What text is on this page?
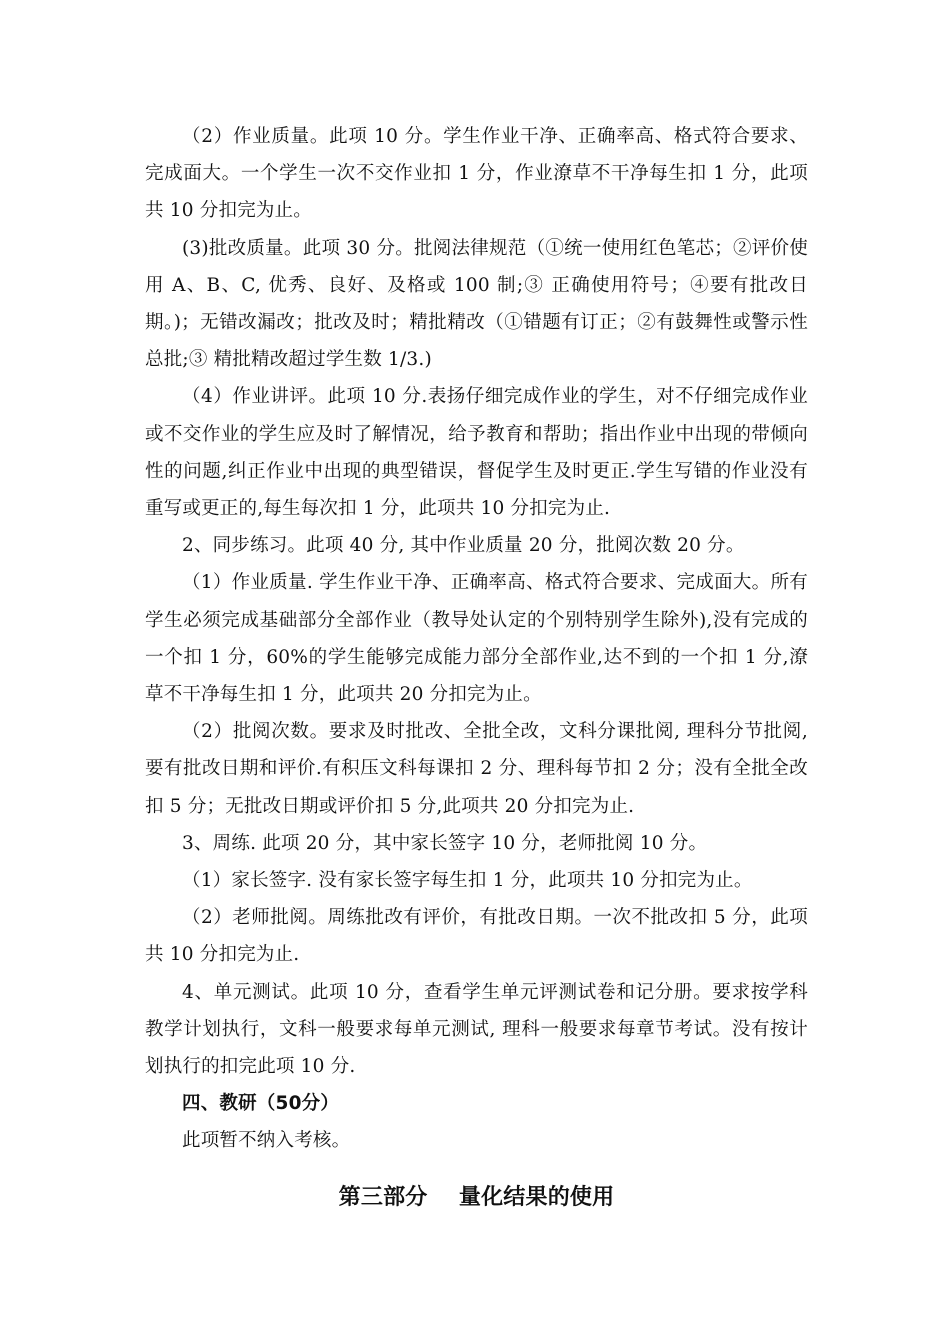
（2）作业质量。此项 10 分。学生作业干净、正确率高、格式符合要求、完成面大。一个学生一次不交作业扣 1 分，作业潦草不干净每生扣 1 分，此项共 10 分扣完为止。

(3)批改质量。此项 30 分。批阅法律规范（①统一使用红色笔芯；②评价使用 A、B、C, 优秀、良好、及格或 100 制;③ 正确使用符号；④要有批改日期。)；无错改漏改；批改及时；精批精改（①错题有订正；②有鼓舞性或警示性总批;③ 精批精改超过学生数 1/3.)

（4）作业讲评。此项 10 分.表扬仔细完成作业的学生，对不仔细完成作业或不交作业的学生应及时了解情况，给予教育和帮助；指出作业中出现的带倾向性的问题,纠正作业中出现的典型错误，督促学生及时更正.学生写错的作业没有重写或更正的,每生每次扣 1 分，此项共 10 分扣完为止.

2、同步练习。此项 40 分, 其中作业质量 20 分，批阅次数 20 分。

（1）作业质量. 学生作业干净、正确率高、格式符合要求、完成面大。所有学生必须完成基础部分全部作业（教导处认定的个别特别学生除外),没有完成的一个扣 1 分，60%的学生能够完成能力部分全部作业,达不到的一个扣 1 分,潦草不干净每生扣 1 分，此项共 20 分扣完为止。

（2）批阅次数。要求及时批改、全批全改，文科分课批阅, 理科分节批阅,要有批改日期和评价.有积压文科每课扣 2 分、理科每节扣 2 分；没有全批全改扣 5 分；无批改日期或评价扣 5 分,此项共 20 分扣完为止.

3、周练. 此项 20 分，其中家长签字 10 分，老师批阅 10 分。

（1）家长签字. 没有家长签字每生扣 1 分，此项共 10 分扣完为止。

（2）老师批阅。周练批改有评价，有批改日期。一次不批改扣 5 分，此项共 10 分扣完为止.

4、单元测试。此项 10 分，查看学生单元评测试卷和记分册。要求按学科教学计划执行，文科一般要求每单元测试, 理科一般要求每章节考试。没有按计划执行的扣完此项 10 分.

四、教研（50分）

此项暂不纳入考核。

第三部分    量化结果的使用
